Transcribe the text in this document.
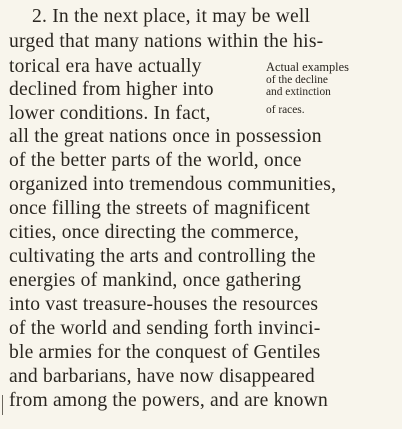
2. In the next place, it may be well
urged that many nations within the his-
torical era have actually
declined from higher into
lower conditions. In fact,
all the great nations once in possession
of the better parts of the world, once
organized into tremendous communities,
once filling the streets of magnificent
cities, once directing the commerce,
cultivating the arts and controlling the
energies of mankind, once gathering
into vast treasure-houses the resources
of the world and sending forth invinci-
ble armies for the conquest of Gentiles
and barbarians, have now disappeared
from among the powers, and are known
Actual examples
of the decline
and extinction
of races.
